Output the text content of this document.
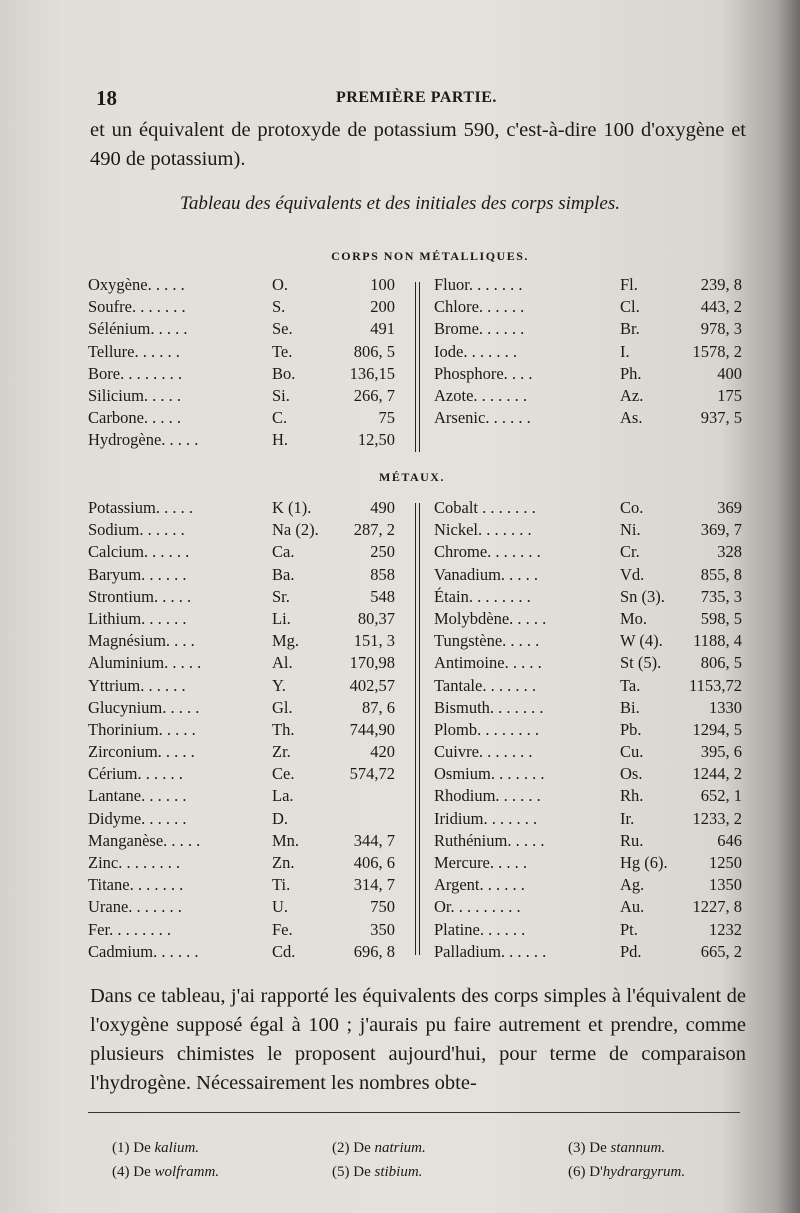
18	PREMIÈRE PARTIE.
et un équivalent de protoxyde de potassium 590, c'est-à-dire 100 d'oxygène et 490 de potassium).
Tableau des équivalents et des initiales des corps simples.
CORPS NON MÉTALLIQUES.
Oxygène. . . . .	O.	100
Soufre. . . . . . .	S.	200
Sélénium. . . . .	Se.	491
Tellure. . . . . .	Te.	806, 5
Bore. . . . . . . .	Bo.	136,15
Silicium. . . . .	Si.	266, 7
Carbone. . . . .	C.	75
Hydrogène. . . . .	H.	12,50
Fluor. . . . . . .	Fl.	239, 8
Chlore. . . . . .	Cl.	443, 2
Brome. . . . . .	Br.	978, 3
Iode. . . . . . .	I.	1578, 2
Phosphore. . . .	Ph.	400
Azote. . . . . . .	Az.	175
Arsenic. . . . . .	As.	937, 5
MÉTAUX.
Potassium. . . . .	K (1).	490
Sodium. . . . . .	Na (2).	287, 2
Calcium. . . . . .	Ca.	250
Baryum. . . . . .	Ba.	858
Strontium. . . . .	Sr.	548
Lithium. . . . . .	Li.	80,37
Magnésium. . . .	Mg.	151, 3
Aluminium. . . . .	Al.	170,98
Yttrium. . . . . .	Y.	402,57
Glucynium. . . . .	Gl.	87, 6
Thorinium. . . . .	Th.	744,90
Zirconium. . . . .	Zr.	420
Cérium. . . . . .	Ce.	574,72
Lantane. . . . . .	La.
Didyme. . . . . .	D.
Manganèse. . . . .	Mn.	344, 7
Zinc. . . . . . . .	Zn.	406, 6
Titane. . . . . . .	Ti.	314, 7
Urane. . . . . . .	U.	750
Fer. . . . . . . .	Fe.	350
Cadmium. . . . . .	Cd.	696, 8
Cobalt . . . . . . .	Co.	369
Nickel. . . . . . .	Ni.	369, 7
Chrome. . . . . . .	Cr.	328
Vanadium. . . . .	Vd.	855, 8
Étain. . . . . . . .	Sn (3).	735, 3
Molybdène. . . . .	Mo.	598, 5
Tungstène. . . . .	W (4).	1188, 4
Antimoine. . . . .	St (5).	806, 5
Tantale. . . . . . .	Ta.	1153,72
Bismuth. . . . . . .	Bi.	1330
Plomb. . . . . . . .	Pb.	1294, 5
Cuivre. . . . . . .	Cu.	395, 6
Osmium. . . . . . .	Os.	1244, 2
Rhodium. . . . . .	Rh.	652, 1
Iridium. . . . . . .	Ir.	1233, 2
Ruthénium. . . . .	Ru.	646
Mercure. . . . .	Hg (6).	1250
Argent. . . . . .	Ag.	1350
Or. . . . . . . . .	Au.	1227, 8
Platine. . . . . .	Pt.	1232
Palladium. . . . . .	Pd.	665, 2
Dans ce tableau, j'ai rapporté les équivalents des corps simples à l'équivalent de l'oxygène supposé égal à 100 ; j'aurais pu faire autrement et prendre, comme plusieurs chimistes le proposent aujourd'hui, pour terme de comparaison l'hydrogène. Nécessairement les nombres obte-
(1) De kalium.	(2) De natrium.	(3) De stannum.
(4) De wolframm.	(5) De stibium.	(6) D'hydrargyrum.
